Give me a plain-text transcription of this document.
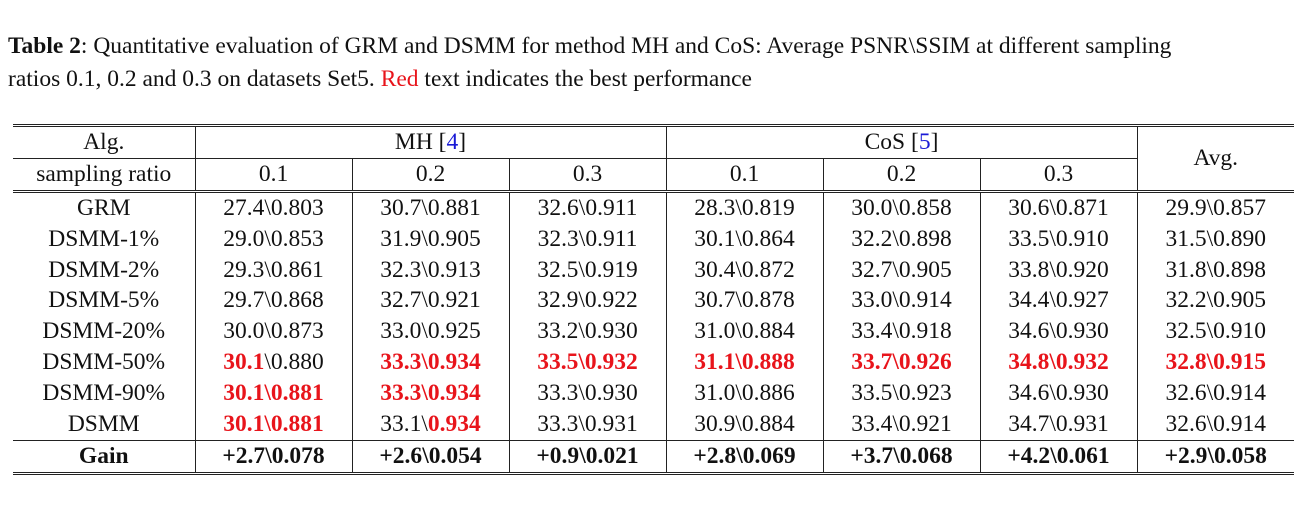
Table 2: Quantitative evaluation of GRM and DSMM for method MH and CoS: Average PSNR\SSIM at different sampling
ratios 0.1, 0.2 and 0.3 on datasets Set5. Red text indicates the best performance
Alg.	MH [4]			CoS [5]			Avg.
sampling ratio	0.1	0.2	0.3	0.1	0.2	0.3	
GRM	27.4\0.803	30.7\0.881	32.6\0.911	28.3\0.819	30.0\0.858	30.6\0.871	29.9\0.857
DSMM-1%	29.0\0.853	31.9\0.905	32.3\0.911	30.1\0.864	32.2\0.898	33.5\0.910	31.5\0.890
DSMM-2%	29.3\0.861	32.3\0.913	32.5\0.919	30.4\0.872	32.7\0.905	33.8\0.920	31.8\0.898
DSMM-5%	29.7\0.868	32.7\0.921	32.9\0.922	30.7\0.878	33.0\0.914	34.4\0.927	32.2\0.905
DSMM-20%	30.0\0.873	33.0\0.925	33.2\0.930	31.0\0.884	33.4\0.918	34.6\0.930	32.5\0.910
DSMM-50%	30.1\0.880	33.3\0.934	33.5\0.932	31.1\0.888	33.7\0.926	34.8\0.932	32.8\0.915
DSMM-90%	30.1\0.881	33.3\0.934	33.3\0.930	31.0\0.886	33.5\0.923	34.6\0.930	32.6\0.914
DSMM	30.1\0.881	33.1\0.934	33.3\0.931	30.9\0.884	33.4\0.921	34.7\0.931	32.6\0.914
Gain	+2.7\0.078	+2.6\0.054	+0.9\0.021	+2.8\0.069	+3.7\0.068	+4.2\0.061	+2.9\0.058
